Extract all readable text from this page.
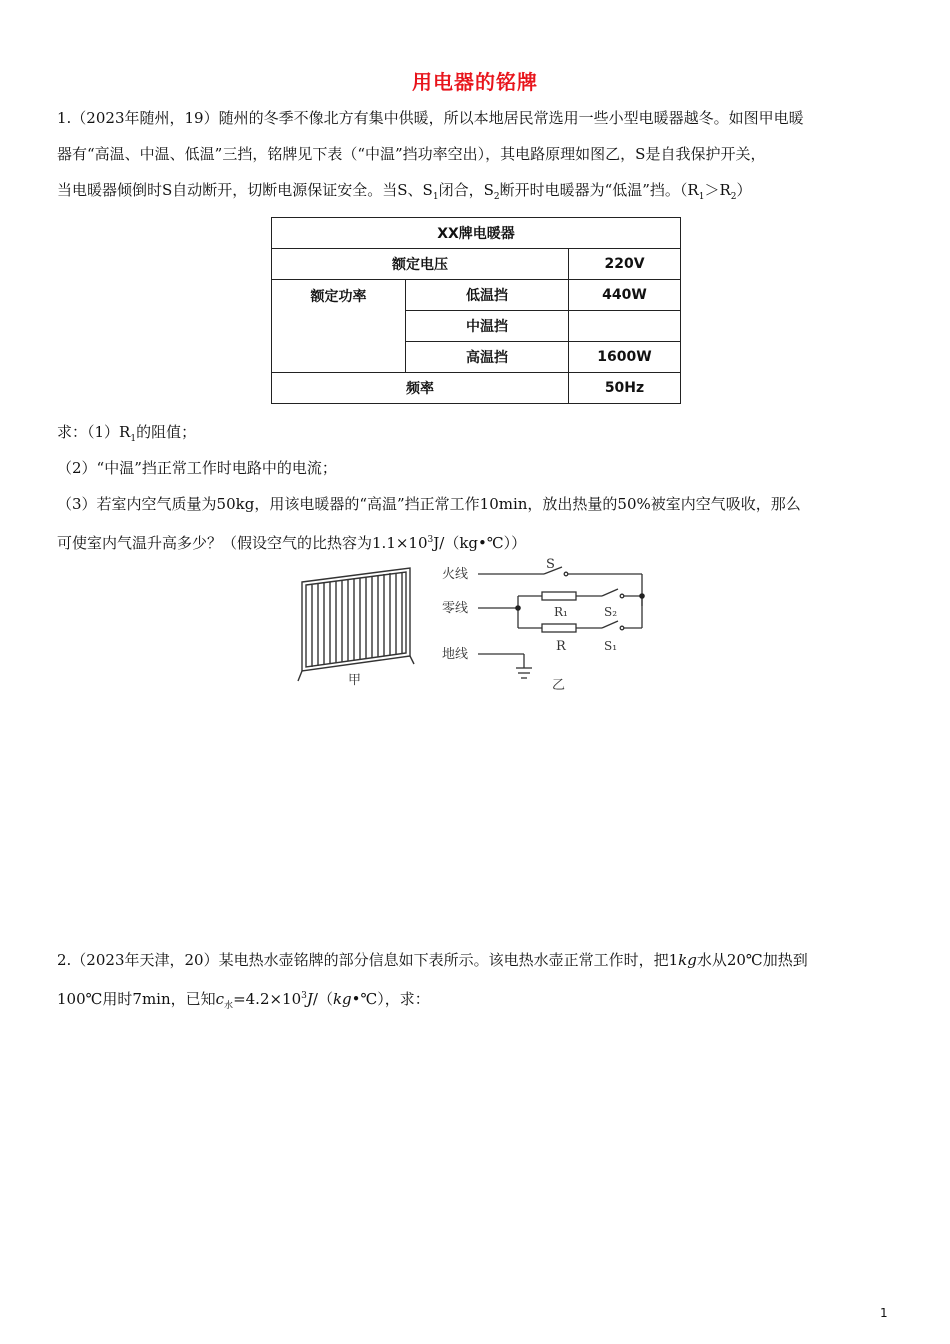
用电器的铭牌
1.（2023年随州，19）随州的冬季不像北方有集中供暖，所以本地居民常选用一些小型电暖器越冬。如图甲电暖
器有“高温、中温、低温”三挡，铭牌见下表（“中温”挡功率空出），其电路原理如图乙，S是自我保护开关，
当电暖器倾倒时S自动断开，切断电源保证安全。当S、$S_1$闭合，$S_2$断开时电暖器为“低温”挡。$(R_1>R_2)$
XX牌电暖器		
额定电压		220V
额定功率	低温挡	440W
	中温挡	
	高温挡	1600W
频率		50Hz
求：$(1)R_1$的阻值；
（2）“中温”挡正常工作时电路中的电流；
（3）若室内空气质量为50kg，用该电暖器的“高温”挡正常工作10min，放出热量的50%被室内空气吸收，那么
可使室内气温升高多少？（假设空气的比热容为$1.1\times 10^3J/(kg•℃)$）
甲
火线
零线
地线
S
R₁	S₂
R	S₁
乙
2.（2023年天津，20）某电热水壶铭牌的部分信息如下表所示。该电热水壶正常工作时，把1kg水从20℃加热到
100℃用时7min，已知$c_水=4.2\times 10^3J/(kg•℃)$，求：
1
